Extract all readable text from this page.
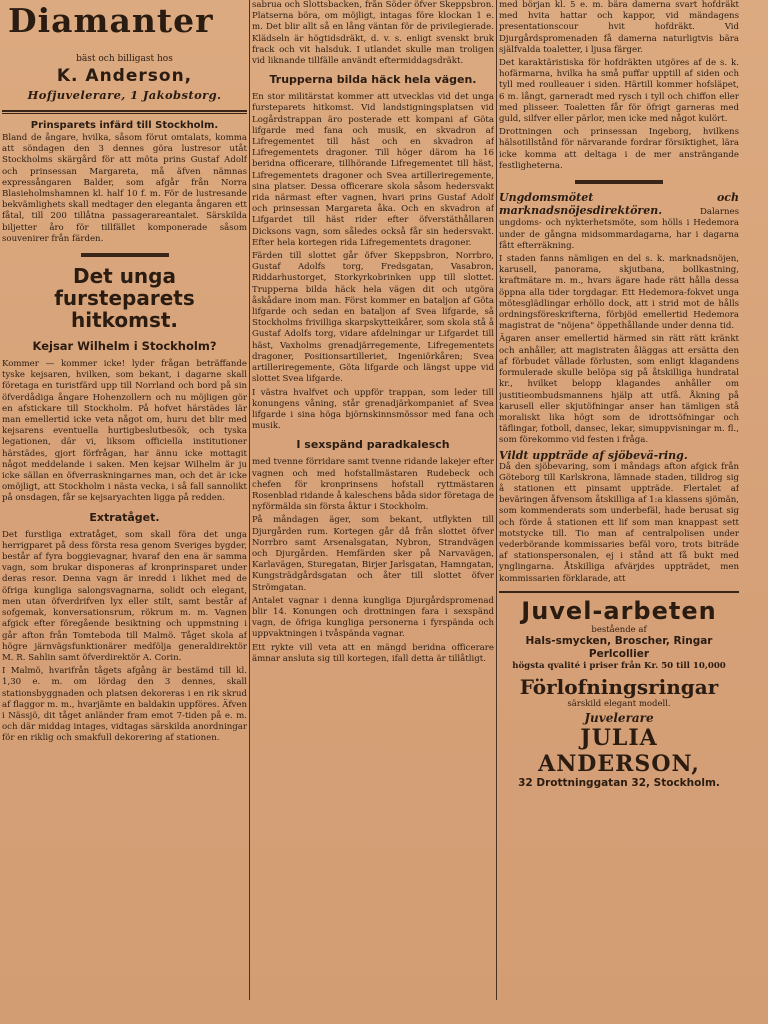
Diamanter
bäst och billigast hos
K. Anderson,
Hofjuvelerare, 1 Jakobstorg.
Prinsparets infärd till Stockholm.

Bland de ångare, hvilka, såsom förut omtalats, komma att söndagen den 3 dennes göra lustresor utåt Stockholms skärgård för att möta prins Gustaf Adolf och prinsessan Margareta, må äfven nämnas expressångaren Balder, som afgår från Norra Blasieholmshamnen kl. half 10 f. m. För de lustresande bekvämlighets skall medtager den eleganta ångaren ett fåtal, till 200 tillåtna passagerareantalet. Särskilda biljetter åro för tillfället komponerade såsom souvenirer från färden.

Det unga fursteparets hitkomst.
Kejsar Wilhelm i Stockholm?

Kommer — kommer icke! lyder frågan beträffande tyske kejsaren, hvilken, som bekant, i dagarne skall företaga en turistfärd upp till Norrland och bord på sin öfverdådiga ångare Hohenzollern och nu möjligen gör en afstickare till Stockholm. På hofvet härstädes lär man emellertid icke veta något om, huru det blir med kejsarens eventuella hurtigbeslutbesök, och tyska legationen, där vi, liksom officiella institutioner härstädes, gjort förfrågan, har ännu icke mottagit något meddelande i saken. Men kejsar Wilhelm är ju icke sällan en öfverraskningarnes man, och det är icke omöjligt, att Stockholm i nästa vecka, i så fall sannolikt på onsdagen, får se kejsaryachten ligga på redden.

Extratåget.

Det furstliga extratåget, som skall föra det unga herrigparet på dess första resa genom Sveriges bygder, består af fyra boggievagnar, hvaraf den ena är samma vagn, som brukar disponeras af kronprinsparet under deras resor. Denna vagn är inredd i likhet med de öfriga kungliga salongsvagnarna, solidt och elegant, men utan öfverdrifven lyx eller stilt, samt består af sofgemak, konversationsrum, rökrum m. m. Vagnen afgick efter föregående besiktning och uppmstning i går afton från Tomteboda till Malmö. Tåget skola af högre järnvägsfunktionärer medfölja generaldirektör M. R. Sahlin samt öfverdirektör A. Corin.

I Malmö, hvarifrån tågets afgång är bestämd till kl. 1,30 e. m. om lördag den 3 dennes, skall stationsbyggnaden och platsen dekoreras i en rik skrud af flaggor m. m., hvarjämte en baldakin uppföres. Äfven i Nässjö, dit tåget anländer fram emot 7-tiden på e. m. och där middag intages, vidtagas särskilda anordningar för en riklig och smakfull dekorering af stationen.

sabrua och Slottsbacken, från Söder öfver Skeppsbron. Platserna böra, om möjligt, intagas före klockan 1 e. m. Det blir allt så en lång väntan för de privilegierade. Klädseln är högtidsdräkt, d. v. s. enligt svenskt bruk frack och vit halsduk. I utlandet skulle man troligen vid liknande tillfälle användt eftermiddagsdräkt.

Trupperna bilda häck hela vägen.

En stor militärstat kommer att utvecklas vid det unga fursteparets hitkomst. Vid landstigningsplatsen vid Logårdstrappan äro posterade ett kompani af Göta lifgarde med fana och musik, en skvadron af Lifregementet till häst och en skvadron af Lifregementets dragoner. Till höger därom ha 16 beridna officerare, tillhörande Lifregementet till häst, Lifregementets dragoner och Svea artilleriregemente, sina platser. Dessa officerare skola såsom hedersvakt rida närmast efter vagnen, hvari prins Gustaf Adolf och prinsessan Margareta åka. Och en skvadron af Lifgardet till häst rider efter öfverstäthållaren Dicksons vagn, som således också får sin hedersvakt. Efter hela kortegen rida Lifregementets dragoner.

Färden till slottet går öfver Skeppsbron, Norrbro, Gustaf Adolfs torg, Fredsgatan, Vasabron, Riddarhustorget, Storkyrkobrinken upp till slottet. Trupperna bilda häck hela vägen dit och utgöra åskådare inom man. Först kommer en bataljon af Göta lifgarde och sedan en bataljon af Svea lifgarde, så Stockholms frivilliga skarpskytteikårer, som skola stå å Gustaf Adolfs torg, vidare afdelningar ur Lifgardet till häst, Vaxholms grenadjärregemente, Lifregementets dragoner, Positionsartilleriet, Ingeniörkåren; Svea artilleriregemente, Göta lifgarde och längst uppe vid slottet Svea lifgarde.

I västra hvalfvet och uppför trappan, som leder till konungens våning, står grenadjärkompaniet af Svea lifgarde i sina höga björnskinnsmössor med fana och musik.

I sexspänd paradkalesch

med tvenne förridare samt tvenne ridande lakejer efter vagnen och med hofstallmästaren Rudebeck och chefen för kronprinsens hofstall ryttmästaren Rosenblad ridande å kaleschens båda sidor företaga de nyförmälda sin första åktur i Stockholm.

På måndagen äger, som bekant, utflykten till Djurgården rum. Kortegen går då från slottet öfver Norrbro samt Arsenalsgatan, Nybron, Strandvägen och Djurgården. Hemfärden sker på Narvavägen, Karlavägen, Sturegatan, Birjer Jarlsgatan, Hamngatan, Kungsträdgårdsgatan och åter till slottet öfver Strömgatan.

Antalet vagnar i denna kungliga Djurgårdspromenad blir 14. Konungen och drottningen fara i sexspänd vagn, de öfriga kungliga personerna i fyrspända och uppvaktningen i tvåspända vagnar.

Ett rykte vill veta att en mängd beridna officerare ämnar ansluta sig till kortegen, ifall detta är tillåtligt.

med början kl. 5 e. m. bära damerna svart hofdräkt med hvita hattar och kappor, vid mändagens presentationscour hvit hofdräkt. Vid Djurgårdspromenaden få damerna naturligtvis bära själfvalda toaletter, i ljusa färger.

Det karaktäristiska för hofdräkten utgöres af de s. k. hofärmarna, hvilka ha små puffar upptill af siden och tyll med roulleauer i siden. Härtill kommer hofsläpet, 6 m. långt, garneradt med rysch i tyll och chiffon eller med plisseer. Toaletten får för öfrigt garneras med guld, silfver eller pärlor, men icke med något kulört.

Drottningen och prinsessan Ingeborg, hvilkens hälsotillstånd för närvarande fordrar försiktighet, lära icke komma att deltaga i de mer ansträngande festligheterna.

Ungdomsmötet och marknadsnöjesdirektören.	Dalarnes ungdoms- och nykterhetsmöte, som hölls i Hedemora under de gångna midsommardagarna, har i dagarna fått efterräkning.

I staden fanns nämligen en del s. k. marknadsnöjen, karusell, panorama, skjutbana, bollkastning, kraftmätare m. m., hvars ägare hade rätt hålla dessa öppna alla tider torgdagar. Ett Hedemora-fokvet unga mötesglädlingar erhöllo dock, att i strid mot de hålls ordningsföreskrifterna, förbjöd emellertid Hedemora magistrat de "nöjena" öppethållande under denna tid.

Ägaren anser emellertid härmed sin rätt rätt kränkt och anhåller, att magistraten åläggas att ersätta den af förbudet vållade förlusten, som enligt klagandens formulerade skulle belöpa sig på åtskilliga hundratal kr., hvilket belopp klagandes anhåller om justitieombudsmannens hjälp att utfå. Åkning på karusell eller skjutöfningar anser han tämligen stå moraliskt lika högt som de idrottsöfningar och täflingar, fotboll, dansec, lekar, simuppvisningar m. fl., som förekommo vid festen i fråga.

Vildt uppträde af sjöbevä-ring.

Då den sjöbevaring, som i måndags afton afgick från Göteborg till Karlskrona, lämnade staden, tilldrog sig å stationen ett pinsamt uppträde. Flertalet af beväringen åfvensom åtskilliga af 1:a klassens sjömän, som kommenderats som underbefäl, hade berusat sig och förde å stationen ett lif som man knappast sett motstycke till. Tio man af centralpolisen under vederbörande kommissaries befäl voro, trots biträde af stationspersonalen, ej i stånd att få bukt med ynglingarna. Åtskilliga afvärjdes uppträdet, men kommissarien förklarade, att

Juvel-arbeten
bestående af
Hals-smycken, Broscher, Ringar
Perlcollier
högsta qvalité i priser från Kr. 50 till 10,000
Förlofningsringar
särskild elegant modell.
Juvelerare
JULIA ANDERSON,
32 Drottninggatan 32, Stockholm.
